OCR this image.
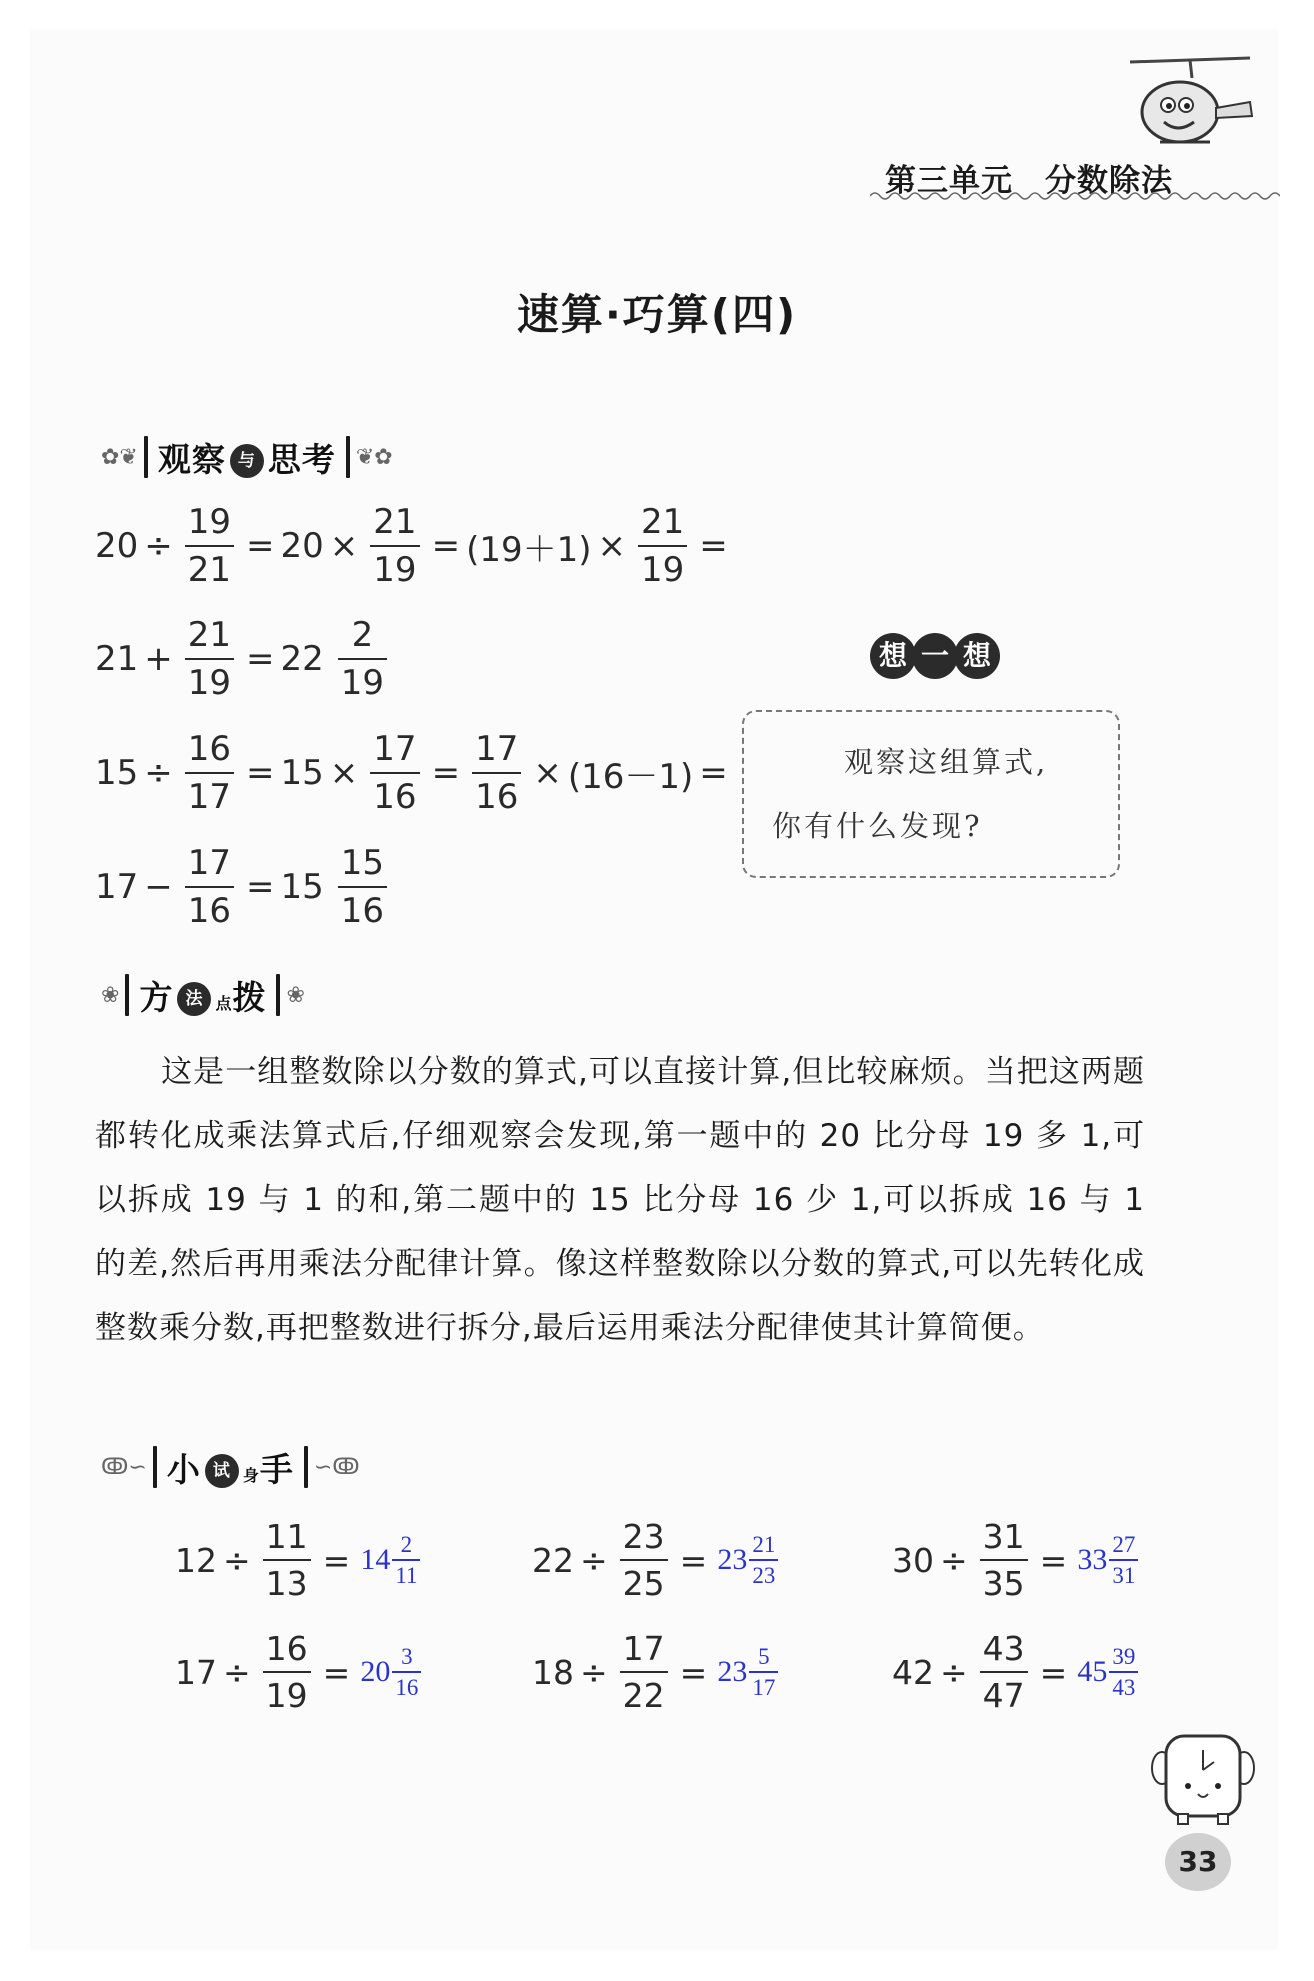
第三单元　分数除法
速算·巧算(四)
✿❦ 观察 与 思考 ❦✿
$20 \div \frac{19}{21} = 20 \times \frac{21}{19} = (19+1) \times \frac{21}{19}$ =
$21 + \frac{21}{19} = 22 \frac{2}{19}$
$15 \div \frac{16}{17} = 15 \times \frac{17}{16} = \frac{17}{16} \times (16-1)$ =
$17 - \frac{17}{16} = 15 \frac{15}{16}$
想 一 想
观察这组算式,
你有什么发现?
❀ 方 法 点拨 ❀
这是一组整数除以分数的算式,可以直接计算,但比较麻烦。当把这两题都转化成乘法算式后,仔细观察会发现,第一题中的 20 比分母 19 多 1,可以拆成 19 与 1 的和,第二题中的 15 比分母 16 少 1,可以拆成 16 与 1 的差,然后再用乘法分配律计算。像这样整数除以分数的算式,可以先转化成整数乘分数,再把整数进行拆分,最后运用乘法分配律使其计算简便。
ↂ∽ 小 试 身手 ∽ↂ
$12 \div \frac{11}{13} = 14 \frac{2}{11}$	$22 \div \frac{23}{25} = 23 \frac{21}{23}$	$30 \div \frac{31}{35} = 33 \frac{27}{31}$
$17 \div \frac{16}{19} = 20 \frac{3}{16}$	$18 \div \frac{17}{22} = 23 \frac{5}{17}$	$42 \div \frac{43}{47} = 45 \frac{39}{43}$
33
